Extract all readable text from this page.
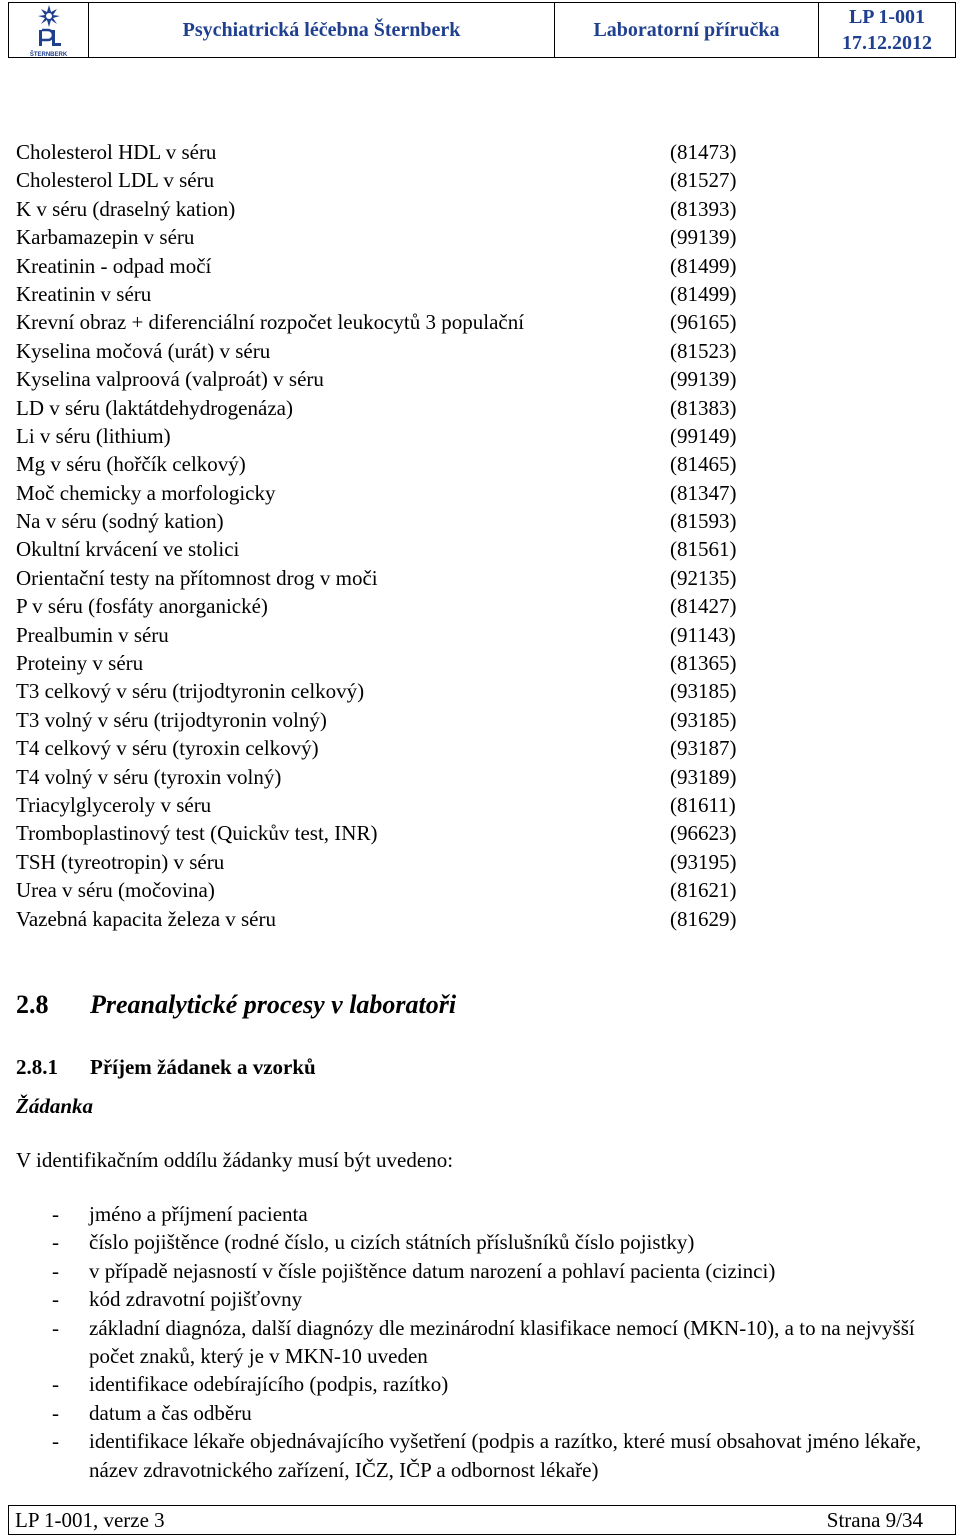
ŠTERNBERK
Psychiatrická léčebna Šternberk	Laboratorní příručka
LP 1-001
17.12.2012
Cholesterol HDL v séru	(81473)
Cholesterol LDL v séru	(81527)
K v séru (draselný kation)	(81393)
Karbamazepin v séru	(99139)
Kreatinin - odpad močí	(81499)
Kreatinin v séru	(81499)
Krevní obraz + diferenciální rozpočet leukocytů 3 populační	(96165)
Kyselina močová (urát) v séru	(81523)
Kyselina valproová (valproát) v séru	(99139)
LD v séru (laktátdehydrogenáza)	(81383)
Li v séru (lithium)	(99149)
Mg v séru (hořčík celkový)	(81465)
Moč chemicky a morfologicky	(81347)
Na v séru (sodný kation)	(81593)
Okultní krvácení ve stolici	(81561)
Orientační testy na přítomnost drog v moči	(92135)
P v séru (fosfáty anorganické)	(81427)
Prealbumin v séru	(91143)
Proteiny v séru	(81365)
T3 celkový v séru (trijodtyronin celkový)	(93185)
T3 volný v séru (trijodtyronin volný)	(93185)
T4 celkový v séru (tyroxin celkový)	(93187)
T4 volný v séru (tyroxin volný)	(93189)
Triacylglyceroly v séru	(81611)
Tromboplastinový test (Quickův test, INR)	(96623)
TSH (tyreotropin) v séru	(93195)
Urea v séru (močovina)	(81621)
Vazebná kapacita železa v séru	(81629)
2.8 Preanalytické procesy v laboratoři
2.8.1 Příjem žádanek a vzorků
Žádanka
V identifikačním oddílu žádanky musí být uvedeno:
-	jméno a příjmení pacienta
-	číslo pojištěnce (rodné číslo, u cizích státních příslušníků číslo pojistky)
-	v případě nejasností v čísle pojištěnce datum narození a pohlaví pacienta (cizinci)
-	kód zdravotní pojišťovny
-	základní diagnóza, další diagnózy dle mezinárodní klasifikace nemocí (MKN-10), a to na nejvyšší počet znaků, který je v MKN-10 uveden
-	identifikace odebírajícího (podpis, razítko)
-	datum a čas odběru
-	identifikace lékaře objednávajícího vyšetření (podpis a razítko, které musí obsahovat jméno lékaře, název zdravotnického zařízení, IČZ, IČP a odbornost lékaře)
LP 1-001, verze 3	Strana 9/34
